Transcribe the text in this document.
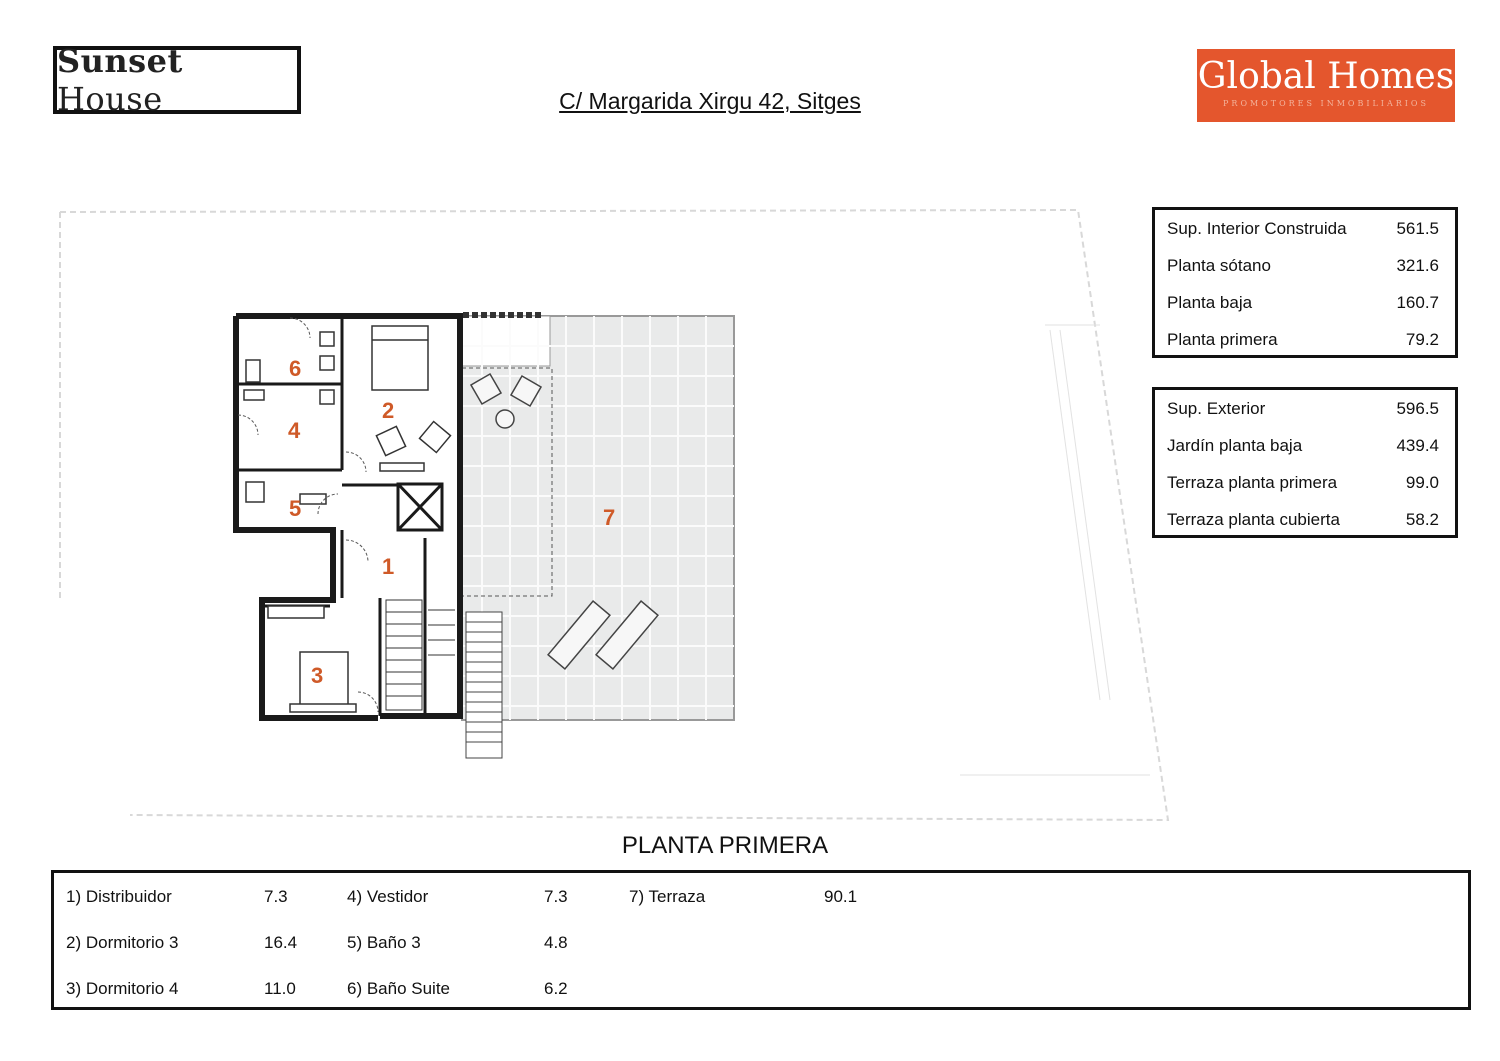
Sunset House	C/ Margarida Xirgu 42, Sitges
Global Homes
PROMOTORES INMOBILIARIOS
1
2
3
4
5
6
7
Sup. Interior Construida	561.5
Planta sótano	321.6
Planta baja	160.7
Planta primera	79.2
Sup. Exterior	596.5
Jardín planta baja	439.4
Terraza planta primera	99.0
Terraza planta cubierta	58.2
PLANTA PRIMERA
1) Distribuidor	7.3
2) Dormitorio 3	16.4
3) Dormitorio 4	11.0
4) Vestidor	7.3
5) Baño 3	4.8
6) Baño Suite	6.2
7) Terraza	90.1
